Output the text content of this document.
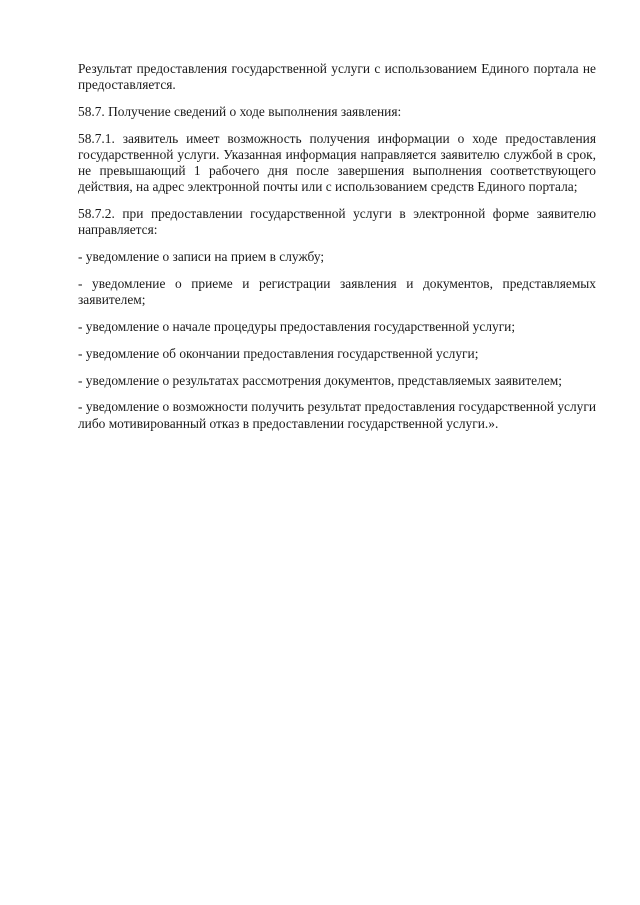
Результат предоставления государственной услуги с использованием Единого портала не предоставляется.

58.7. Получение сведений о ходе выполнения заявления:

58.7.1. заявитель имеет возможность получения информации о ходе предоставления государственной услуги. Указанная информация направляется заявителю службой в срок, не превышающий 1 рабочего дня после завершения выполнения соответствующего действия, на адрес электронной почты или с использованием средств Единого портала;

58.7.2. при предоставлении государственной услуги в электронной форме заявителю направляется:

- уведомление о записи на прием в службу;

- уведомление о приеме и регистрации заявления и документов, представляемых заявителем;

- уведомление о начале процедуры предоставления государственной услуги;

- уведомление об окончании предоставления государственной услуги;

- уведомление о результатах рассмотрения документов, представляемых заявителем;

- уведомление о возможности получить результат предоставления государственной услуги либо мотивированный отказ в предоставлении государственной услуги.».
